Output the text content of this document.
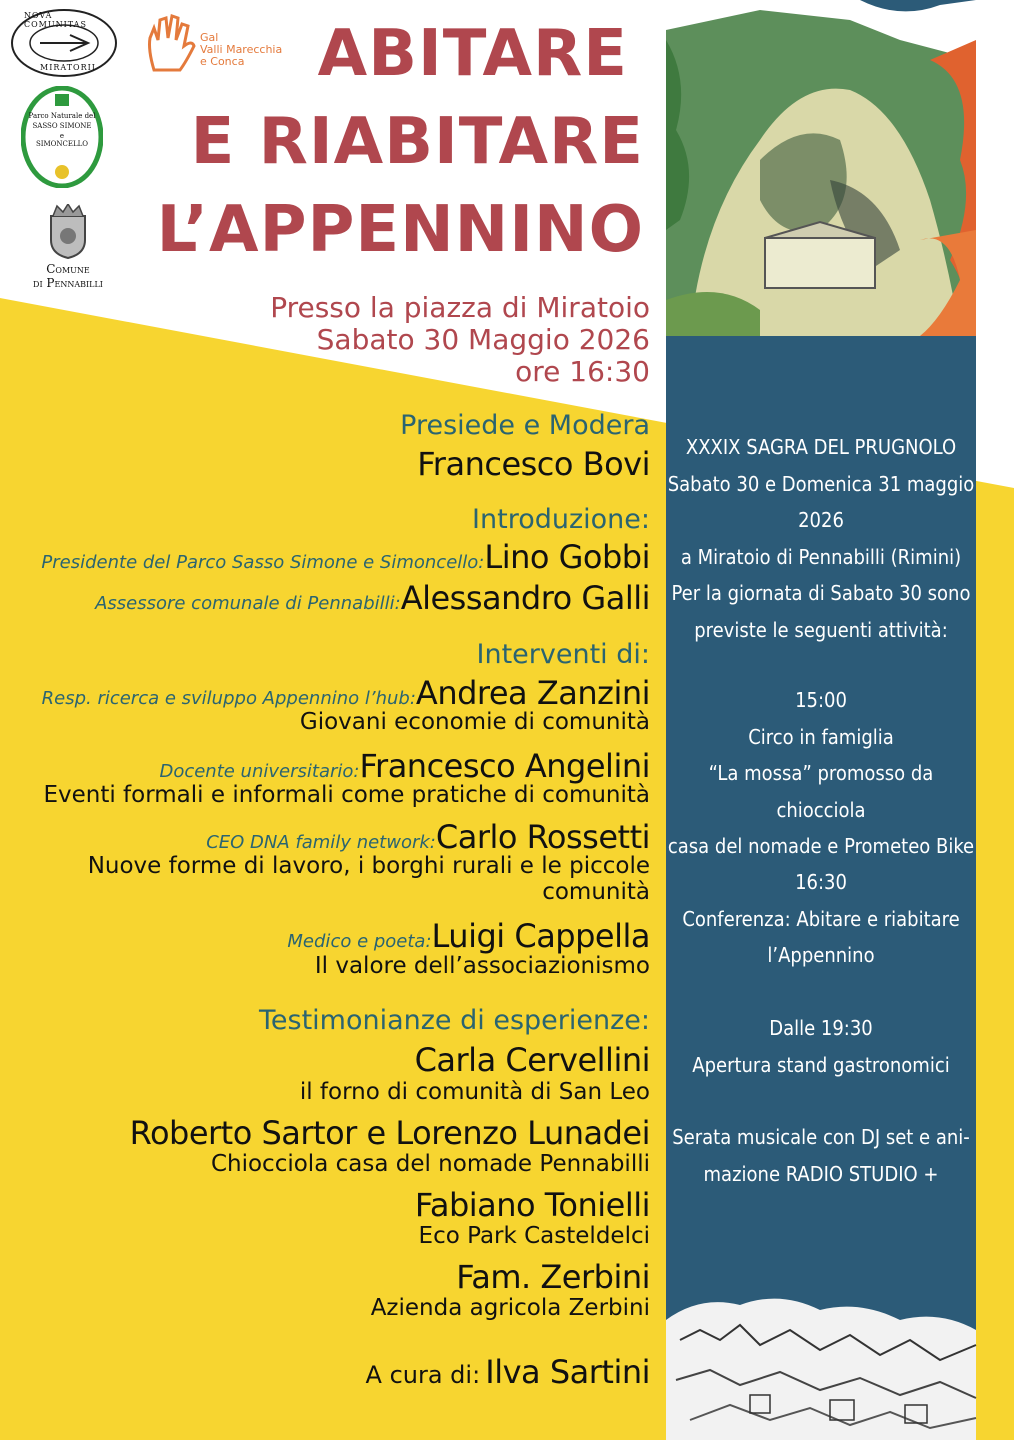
NOVA COMUNITAS
MIRATORII
Gal
Valli Marecchia
e Conca
Parco Naturale del
SASSO SIMONE
e
SIMONCELLO
Comune
di Pennabilli
ABITARE
E RIABITARE
L’APPENNINO
Presso la piazza di Miratoio
Sabato 30 Maggio 2026
ore 16:30
Presiede e Modera
Francesco Bovi
Introduzione:
Presidente del Parco Sasso Simone e Simoncello:Lino Gobbi
Assessore comunale di Pennabilli:Alessandro Galli
Interventi di:
Resp. ricerca e sviluppo Appennino l’hub:Andrea Zanzini
Giovani economie di comunità
Docente universitario:Francesco Angelini
Eventi formali e informali come pratiche di comunità
CEO DNA family network:Carlo Rossetti
Nuove forme di lavoro, i borghi rurali e le piccole
comunità
Medico e poeta:Luigi Cappella
Il valore dell’associazionismo
Testimonianze di esperienze:
Carla Cervellini
il forno di comunità di San Leo
Roberto Sartor e Lorenzo Lunadei
Chiocciola casa del nomade Pennabilli
Fabiano Tonielli
Eco Park Casteldelci
Fam. Zerbini
Azienda agricola Zerbini
A cura di: Ilva Sartini
XXXIX SAGRA DEL PRUGNOLO
Sabato 30 e Domenica 31 maggio
2026
a Miratoio di Pennabilli (Rimini)
Per la giornata di Sabato 30 sono
previste le seguenti attività:
15:00
Circo in famiglia
“La mossa” promosso da chiocciola
casa del nomade e Prometeo Bike
16:30
Conferenza: Abitare e riabitare
l’Appennino
Dalle 19:30
Apertura stand gastronomici
Serata musicale con DJ set e ani-
mazione RADIO STUDIO +
